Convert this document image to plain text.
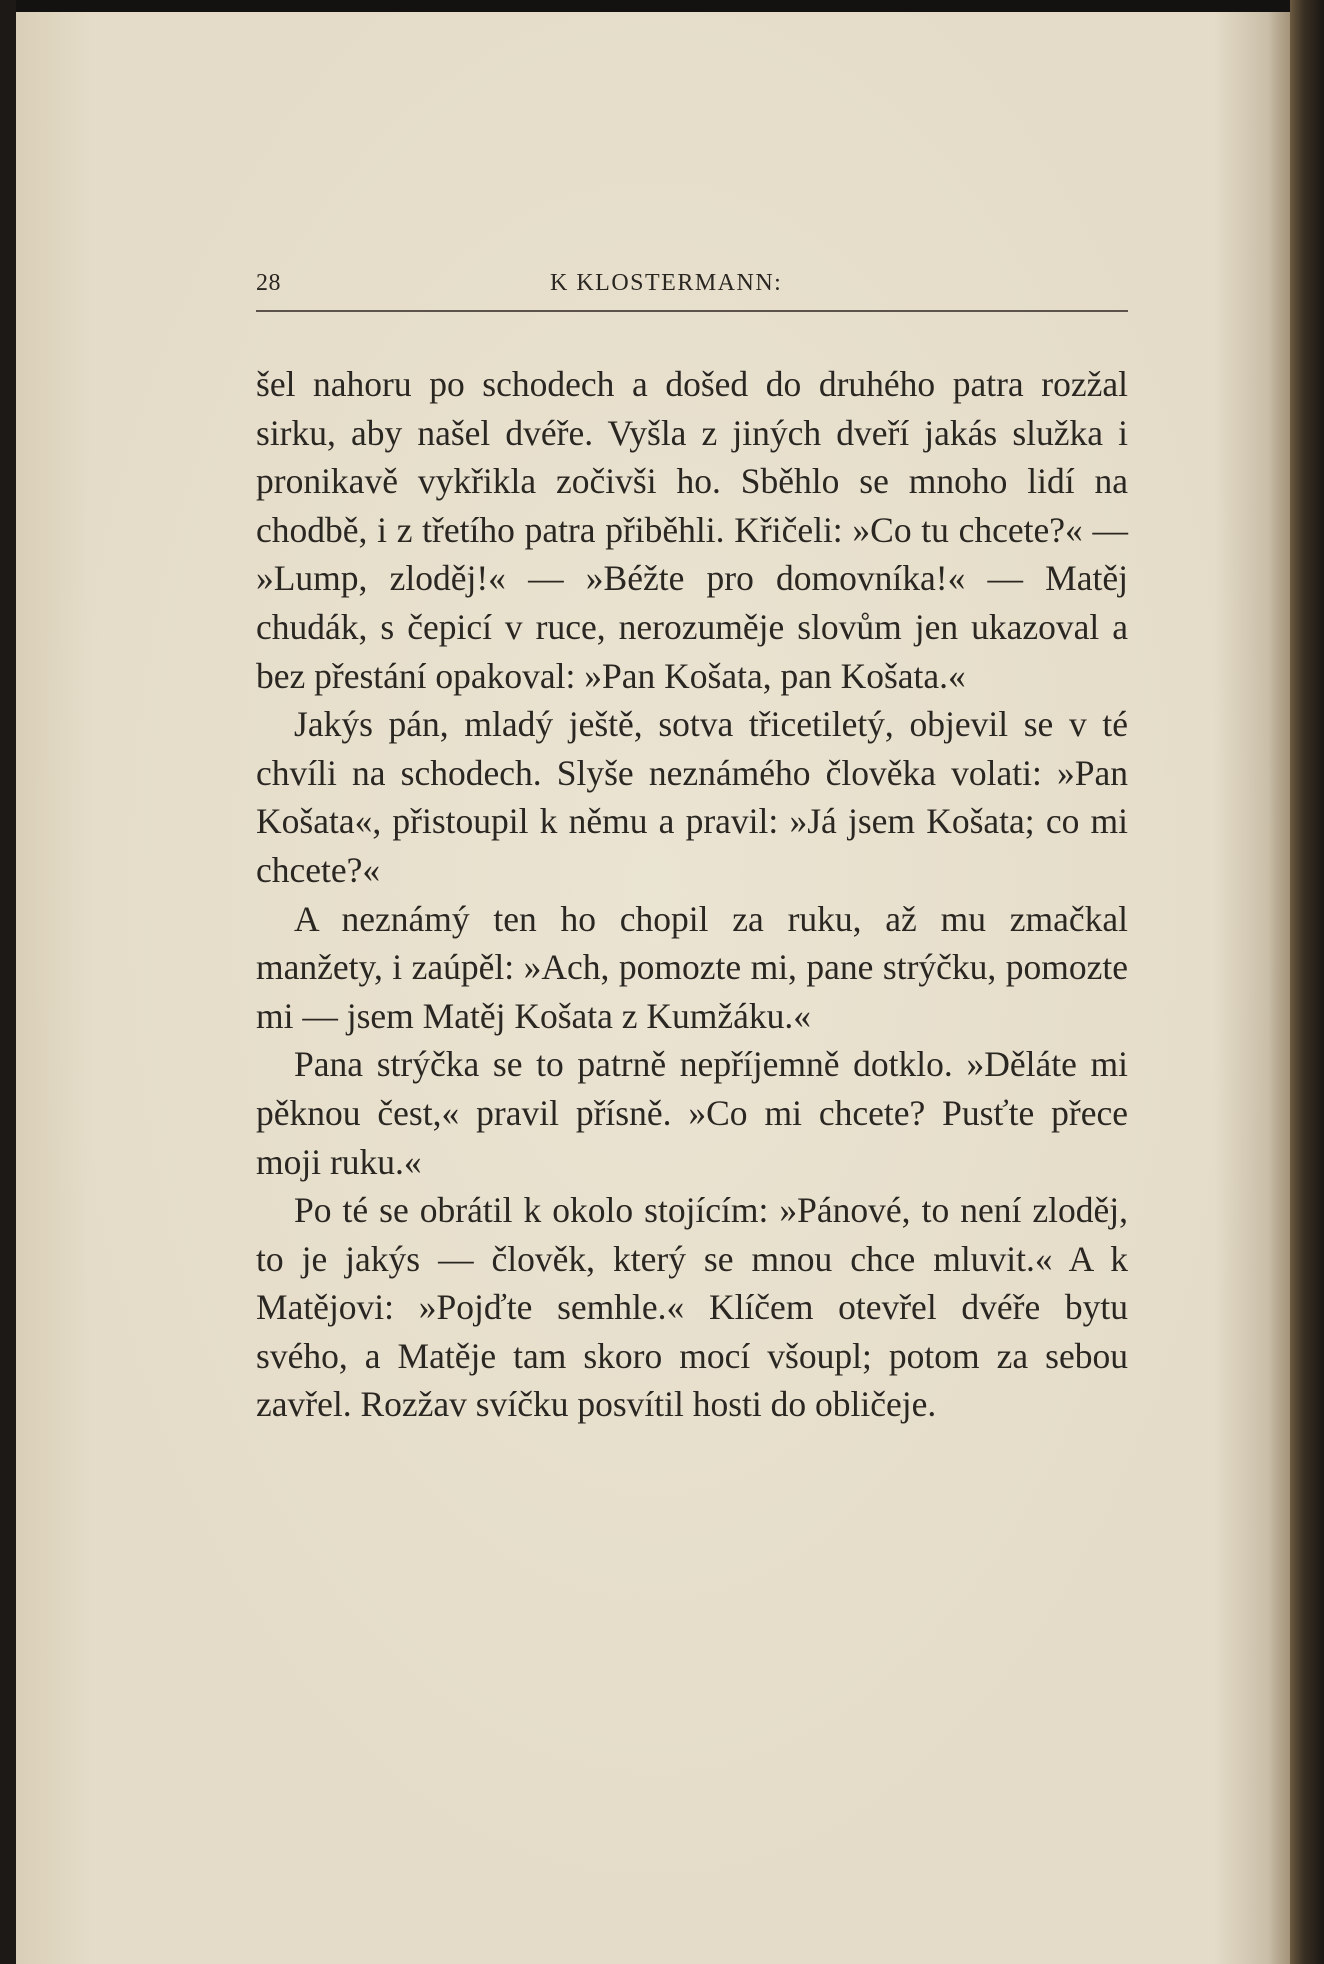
28	K KLOSTERMANN:

šel nahoru po schodech a došed do druhého patra rozžal sirku, aby našel dvéře. Vyšla z jiných dveří jakás služka i pronikavě vykřikla zočivši ho. Sběhlo se mnoho lidí na chodbě, i z třetího patra přiběhli. Křičeli: »Co tu chcete?« — »Lump, zloděj!« — »Béžte pro domovníka!« — Matěj chudák, s čepicí v ruce, nerozuměje slovům jen ukazoval a bez přestání opakoval: »Pan Košata, pan Košata.«

Jakýs pán, mladý ještě, sotva třicetiletý, objevil se v té chvíli na schodech. Slyše neznámého člověka volati: »Pan Košata«, přistoupil k němu a pravil: »Já jsem Košata; co mi chcete?«

A neznámý ten ho chopil za ruku, až mu zmačkal manžety, i zaúpěl: »Ach, pomozte mi, pane strýčku, pomozte mi — jsem Matěj Košata z Kumžáku.«

Pana strýčka se to patrně nepříjemně dotklo. »Děláte mi pěknou čest,« pravil přísně. »Co mi chcete? Pusťte přece moji ruku.«

Po té se obrátil k okolo stojícím: »Pánové, to není zloděj, to je jakýs — člověk, který se mnou chce mluvit.« A k Matějovi: »Pojďte semhle.« Klíčem otevřel dvéře bytu svého, a Matěje tam skoro mocí všoupl; potom za sebou zavřel. Rozžav svíčku posvítil hosti do obličeje.
